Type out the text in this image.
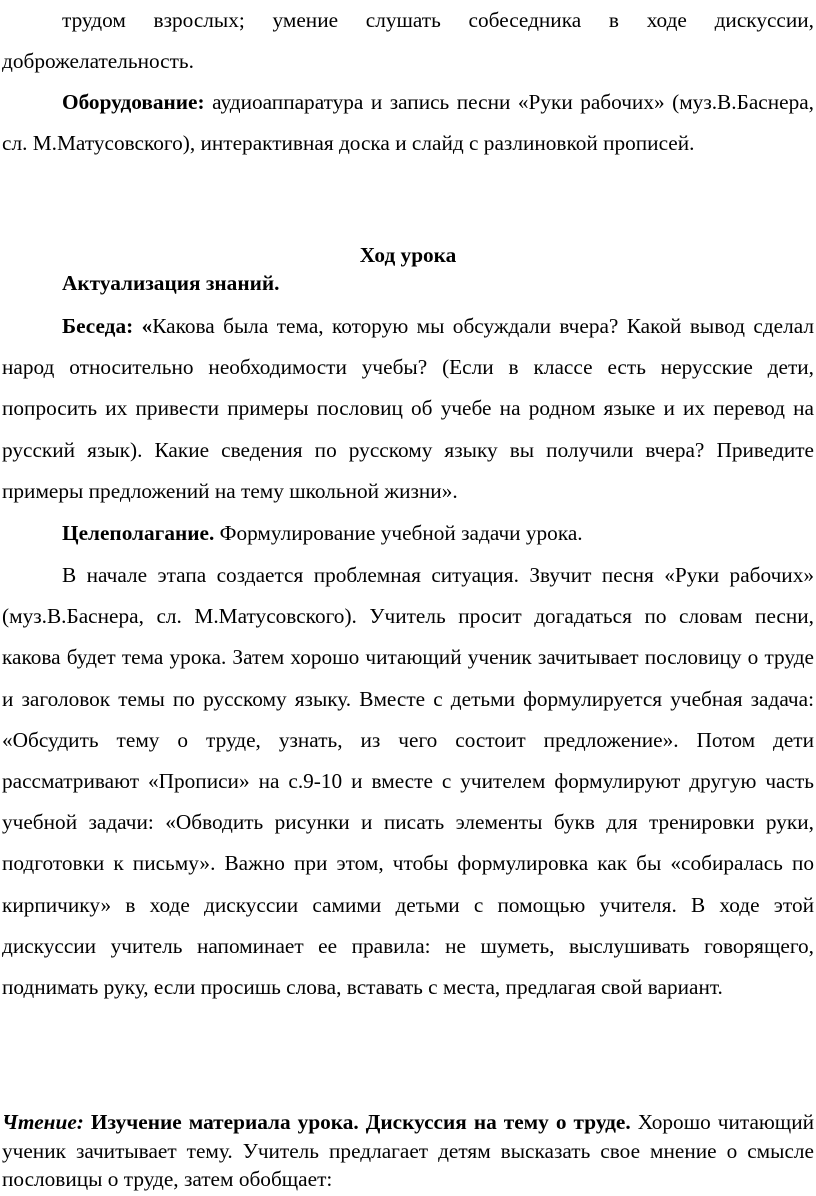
трудом взрослых; умение слушать собеседника в ходе дискуссии, доброжелательность.

Оборудование: аудиоаппаратура и запись песни «Руки рабочих» (муз.В.Баснера, сл. М.Матусовского), интерактивная доска и слайд с разлиновкой прописей.

Ход урока

Актуализация знаний.

Беседа: «Какова была тема, которую мы обсуждали вчера? Какой вывод сделал народ относительно необходимости учебы? (Если в классе есть нерусские дети, попросить их привести примеры пословиц об учебе на родном языке и их перевод на русский язык). Какие сведения по русскому языку вы получили вчера? Приведите примеры предложений на тему школьной жизни».

Целеполагание. Формулирование учебной задачи урока.

В начале этапа создается проблемная ситуация. Звучит песня «Руки рабочих» (муз.В.Баснера, сл. М.Матусовского). Учитель просит догадаться по словам песни, какова будет тема урока. Затем хорошо читающий ученик зачитывает пословицу о труде и заголовок темы по русскому языку. Вместе с детьми формулируется учебная задача: «Обсудить тему о труде, узнать, из чего состоит предложение». Потом дети рассматривают «Прописи» на с.9-10 и вместе с учителем формулируют другую часть учебной задачи: «Обводить рисунки и писать элементы букв для тренировки руки, подготовки к письму». Важно при этом, чтобы формулировка как бы «собиралась по кирпичику» в ходе дискуссии самими детьми с помощью учителя. В ходе этой дискуссии учитель напоминает ее правила: не шуметь, выслушивать говорящего, поднимать руку, если просишь слова, вставать с места, предлагая свой вариант.

Чтение: Изучение материала урока. Дискуссия на тему о труде. Хорошо читающий ученик зачитывает тему. Учитель предлагает детям высказать свое мнение о смысле пословицы о труде, затем обобщает:
